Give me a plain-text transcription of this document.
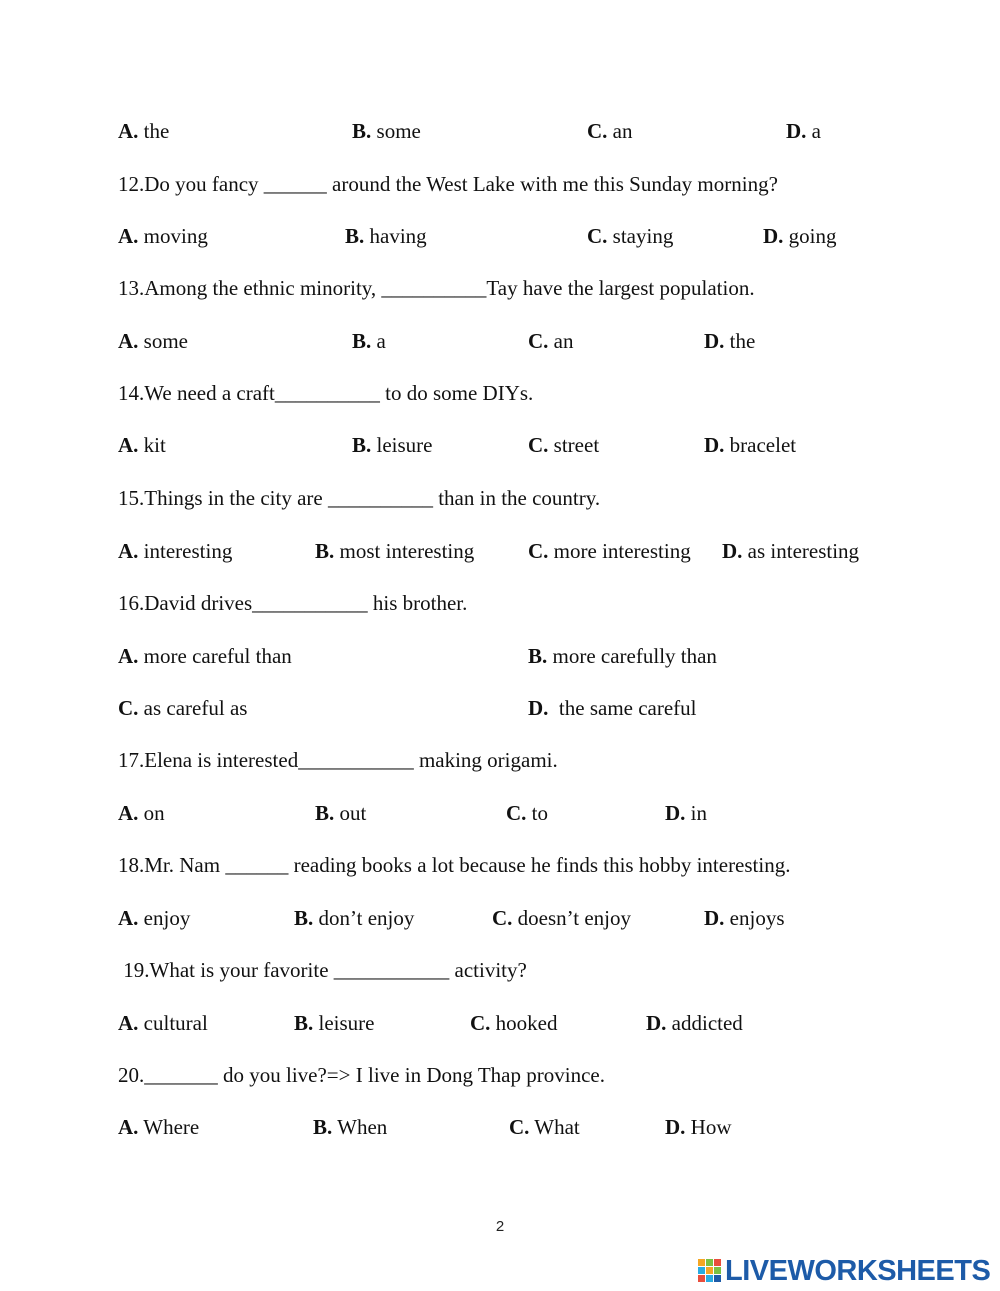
A. the	B. some	C. an	D. a
12.Do you fancy ______ around the West Lake with me this Sunday morning?
A. moving	B. having	C. staying	D. going
13.Among the ethnic minority, __________Tay have the largest population.
A. some	B. a	C. an	D. the
14.We need a craft__________ to do some DIYs.
A. kit	B. leisure	C. street	D. bracelet
15.Things in the city are __________ than in the country.
A. interesting	B. most interesting	C. more interesting D. as interesting
16.David drives___________ his brother.
A. more careful than	B. more carefully than
C. as careful as	D.  the same careful
17.Elena is interested___________ making origami.
A. on	B. out	C. to	D. in
18.Mr. Nam ______ reading books a lot because he finds this hobby interesting.
A. enjoy	B. don’t enjoy	C. doesn’t enjoy	D. enjoys
19.What is your favorite ___________ activity?
A. cultural	B. leisure	C. hooked	D. addicted
20._______ do you live?=> I live in Dong Thap province.
A. Where	B. When	C. What	D. How
2
LIVEWORKSHEETS
